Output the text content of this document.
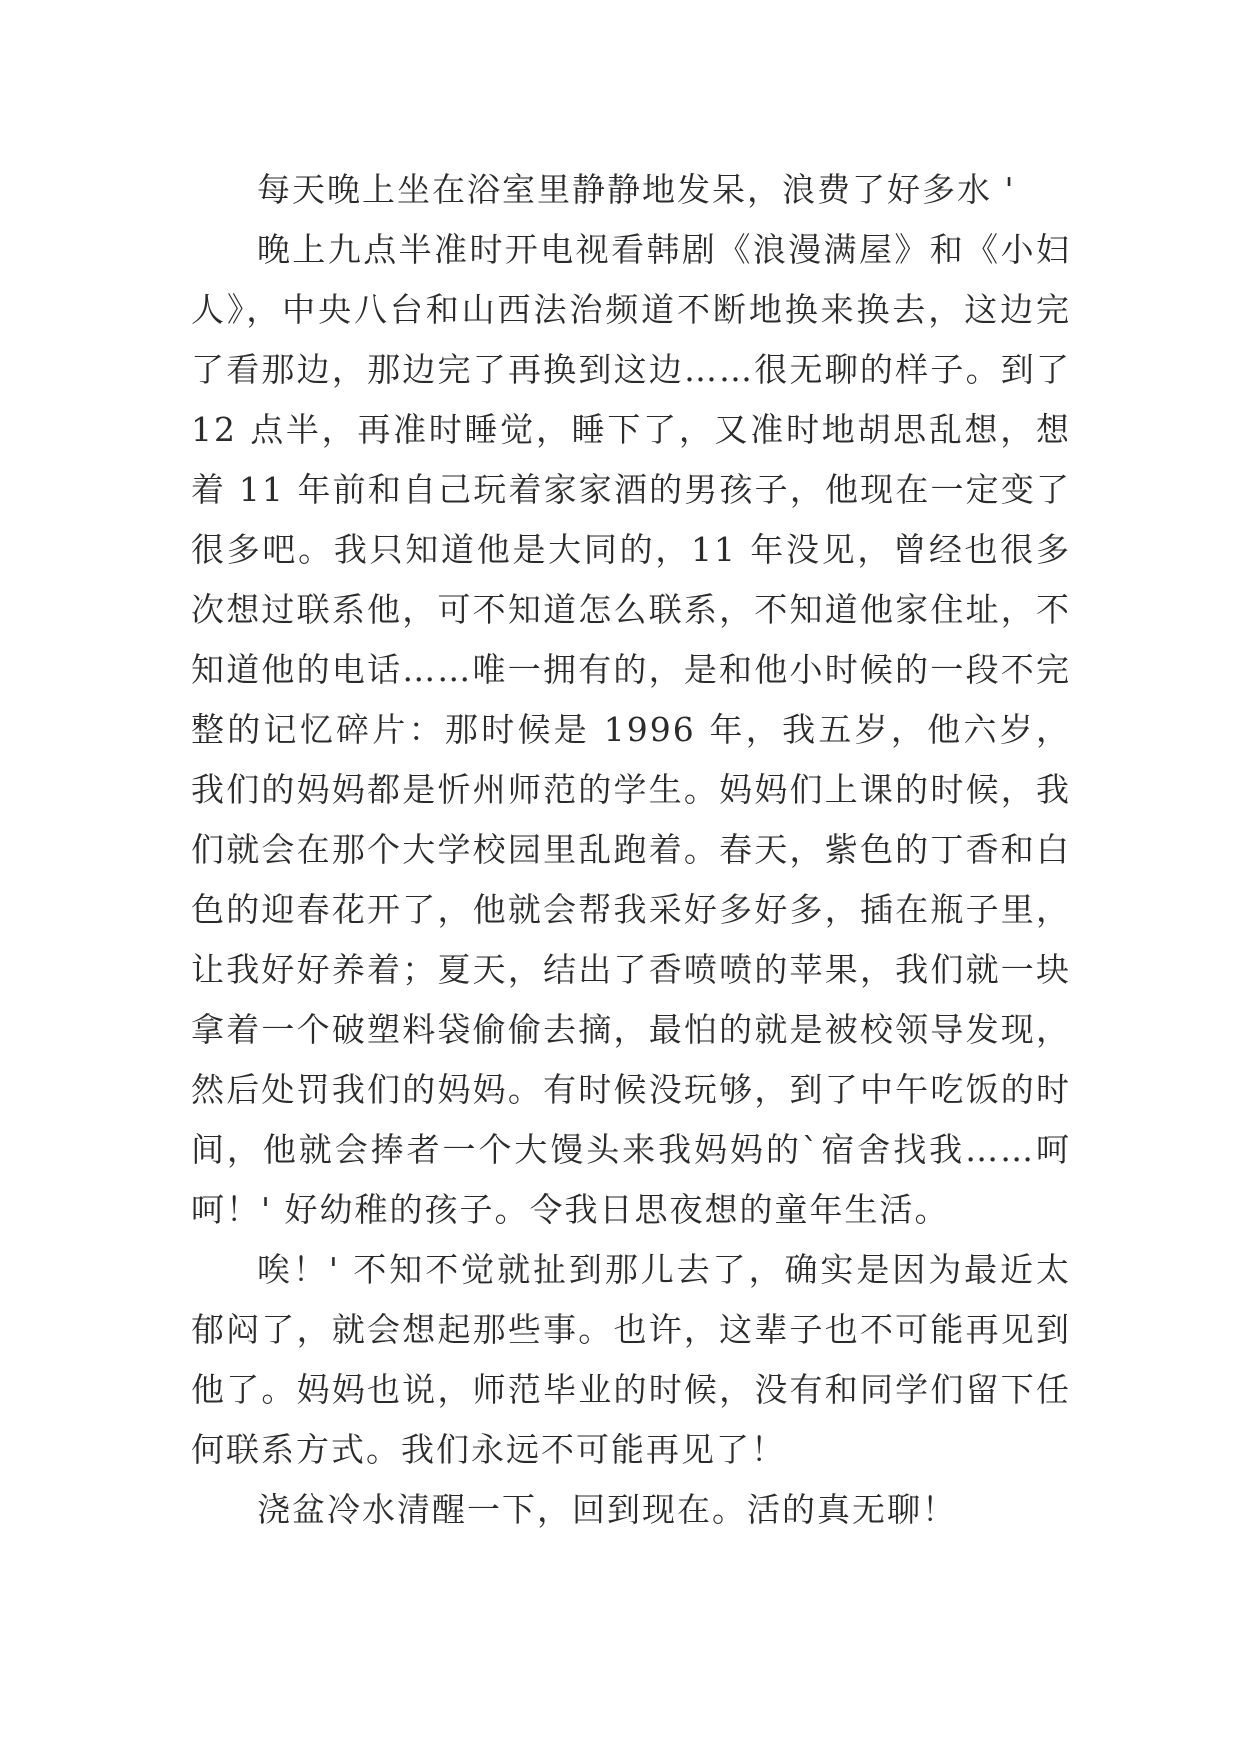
每天晚上坐在浴室里静静地发呆，浪费了好多水 '

晚上九点半准时开电视看韩剧《浪漫满屋》和《小妇人》，中央八台和山西法治频道不断地换来换去，这边完了看那边，那边完了再换到这边……很无聊的样子。到了 12 点半，再准时睡觉，睡下了，又准时地胡思乱想，想着 11 年前和自己玩着家家酒的男孩子，他现在一定变了很多吧。我只知道他是大同的，11 年没见，曾经也很多次想过联系他，可不知道怎么联系，不知道他家住址，不知道他的电话……唯一拥有的，是和他小时候的一段不完整的记忆碎片：那时候是 1996 年，我五岁，他六岁，我们的妈妈都是忻州师范的学生。妈妈们上课的时候，我们就会在那个大学校园里乱跑着。春天，紫色的丁香和白色的迎春花开了，他就会帮我采好多好多，插在瓶子里，让我好好养着；夏天，结出了香喷喷的苹果，我们就一块拿着一个破塑料袋偷偷去摘，最怕的就是被校领导发现，然后处罚我们的妈妈。有时候没玩够，到了中午吃饭的时间，他就会捧者一个大馒头来我妈妈的`宿舍找我……呵呵！' 好幼稚的孩子。令我日思夜想的童年生活。

唉！' 不知不觉就扯到那儿去了，确实是因为最近太郁闷了，就会想起那些事。也许，这辈子也不可能再见到他了。妈妈也说，师范毕业的时候，没有和同学们留下任何联系方式。我们永远不可能再见了！

浇盆冷水清醒一下，回到现在。活的真无聊！
